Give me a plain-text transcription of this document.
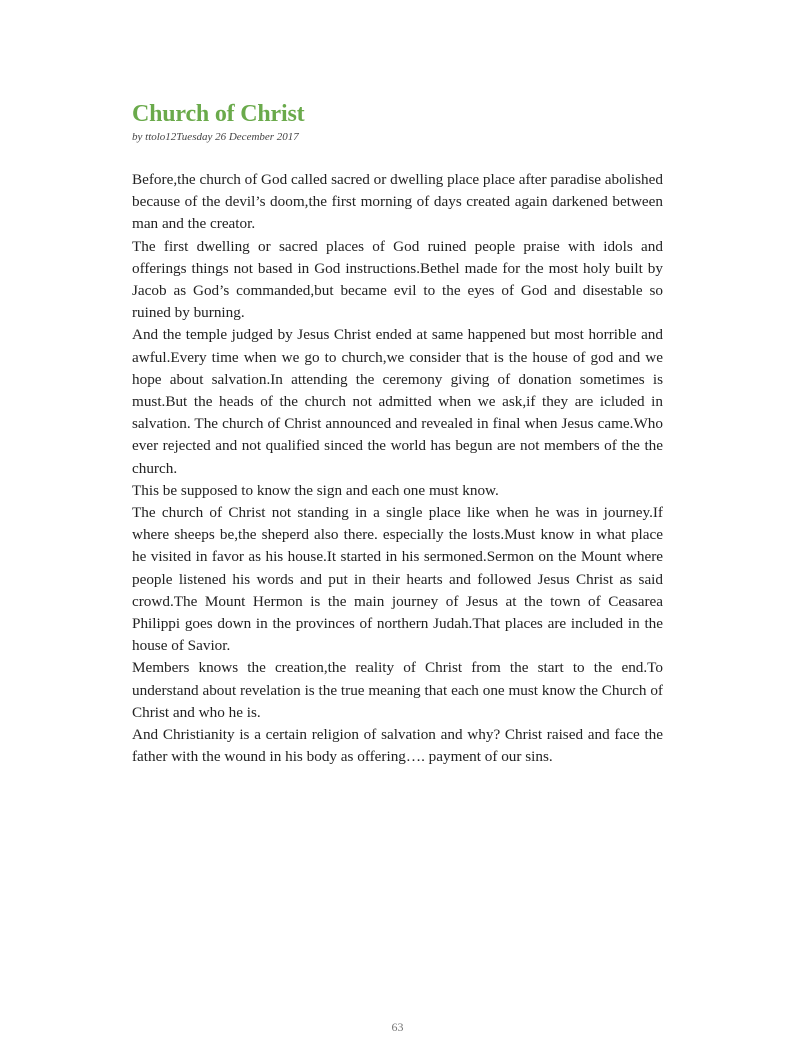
Church of Christ
by ttolo12Tuesday 26 December 2017

Before,the church of God called sacred or dwelling place place after paradise abolished because of the devil’s doom,the first morning of days created again darkened between man and the creator.

The first dwelling or sacred places of God ruined people praise with idols and offerings things not based in God instructions.Bethel made for the most holy built by Jacob as God’s commanded,but became evil to the eyes of God and disestable so ruined by burning.

And the temple judged by Jesus Christ ended at same happened but most horrible and awful.Every time when we go to church,we consider that is the house of god and we hope about salvation.In attending the ceremony giving of donation sometimes is must.But the heads of the church not admitted when we ask,if they are icluded in salvation. The church of Christ announced and revealed in final when Jesus came.Who ever rejected and not qualified sinced the world has begun are not members of the the church.

This be supposed to know the sign and each one must know.

The church of Christ not standing in a single place like when he was in journey.If where sheeps be,the sheperd also there. especially the losts.Must know in what place he visited in favor as his house.It started in his sermoned.Sermon on the Mount where people listened his words and put in their hearts and followed Jesus Christ as said crowd.The Mount Hermon is the main journey of Jesus at the town of Ceasarea Philippi goes down in the provinces of northern Judah.That places are included in the house of Savior.

Members knows the creation,the reality of Christ from the start to the end.To understand about revelation is the true meaning that each one must know the Church of Christ and who he is.

And Christianity is a certain religion of salvation and why? Christ raised and face the father with the wound in his body as offering…. payment of our sins.

63
